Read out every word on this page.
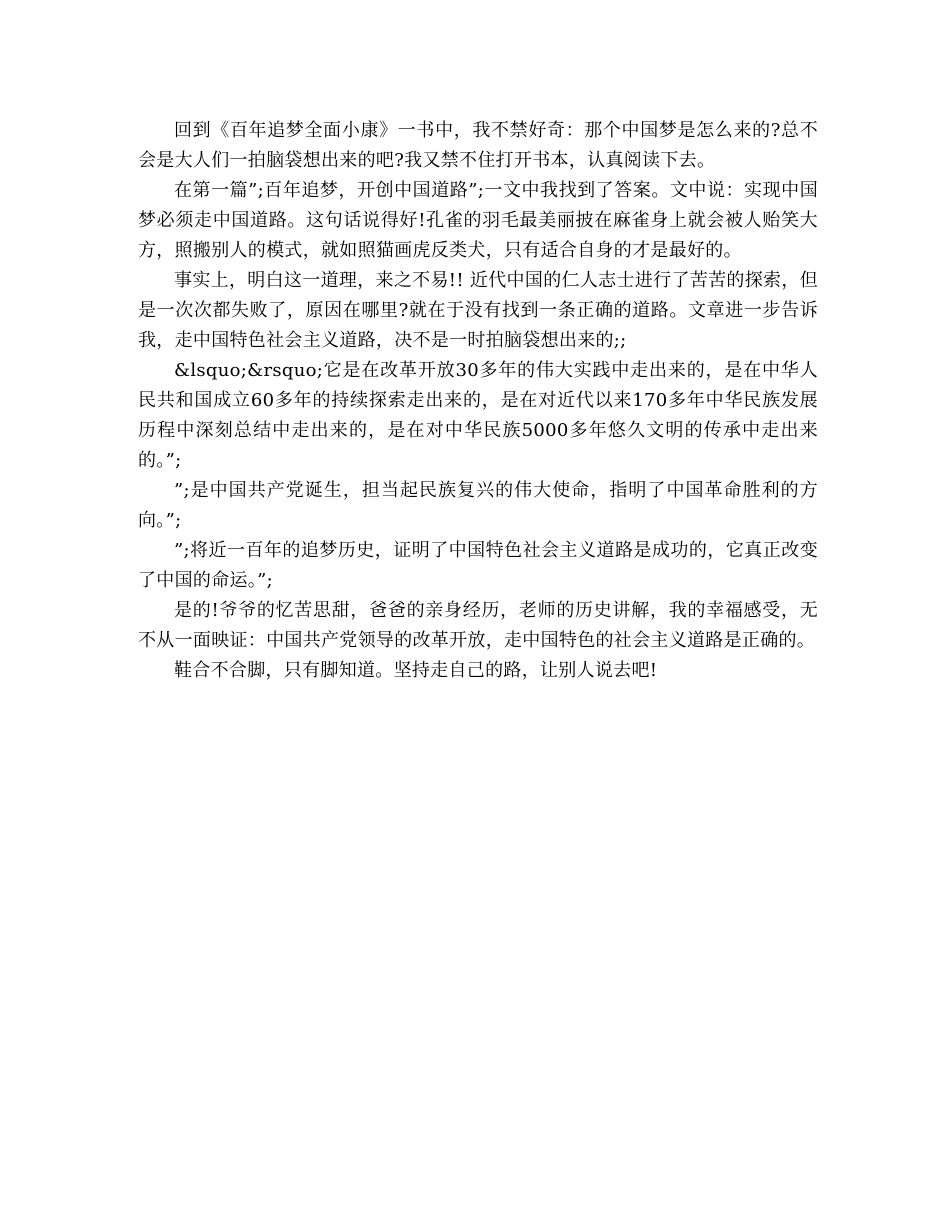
回到《百年追梦全面小康》一书中，我不禁好奇：那个中国梦是怎么来的?总不会是大人们一拍脑袋想出来的吧?我又禁不住打开书本，认真阅读下去。

在第一篇”;百年追梦，开创中国道路”;一文中我找到了答案。文中说：实现中国梦必须走中国道路。这句话说得好!孔雀的羽毛最美丽披在麻雀身上就会被人贻笑大方，照搬别人的模式，就如照猫画虎反类犬，只有适合自身的才是最好的。

事实上，明白这一道理，来之不易!! 近代中国的仁人志士进行了苦苦的探索，但是一次次都失败了，原因在哪里?就在于没有找到一条正确的道路。文章进一步告诉我，走中国特色社会主义道路，决不是一时拍脑袋想出来的;;

&lsquo;&rsquo;它是在改革开放30多年的伟大实践中走出来的，是在中华人民共和国成立60多年的持续探索走出来的，是在对近代以来170多年中华民族发展历程中深刻总结中走出来的，是在对中华民族5000多年悠久文明的传承中走出来的。”;

”;是中国共产党诞生，担当起民族复兴的伟大使命，指明了中国革命胜利的方向。”;

”;将近一百年的追梦历史，证明了中国特色社会主义道路是成功的，它真正改变了中国的命运。”;

是的!爷爷的忆苦思甜，爸爸的亲身经历，老师的历史讲解，我的幸福感受，无不从一面映证：中国共产党领导的改革开放，走中国特色的社会主义道路是正确的。

鞋合不合脚，只有脚知道。坚持走自己的路，让别人说去吧!
